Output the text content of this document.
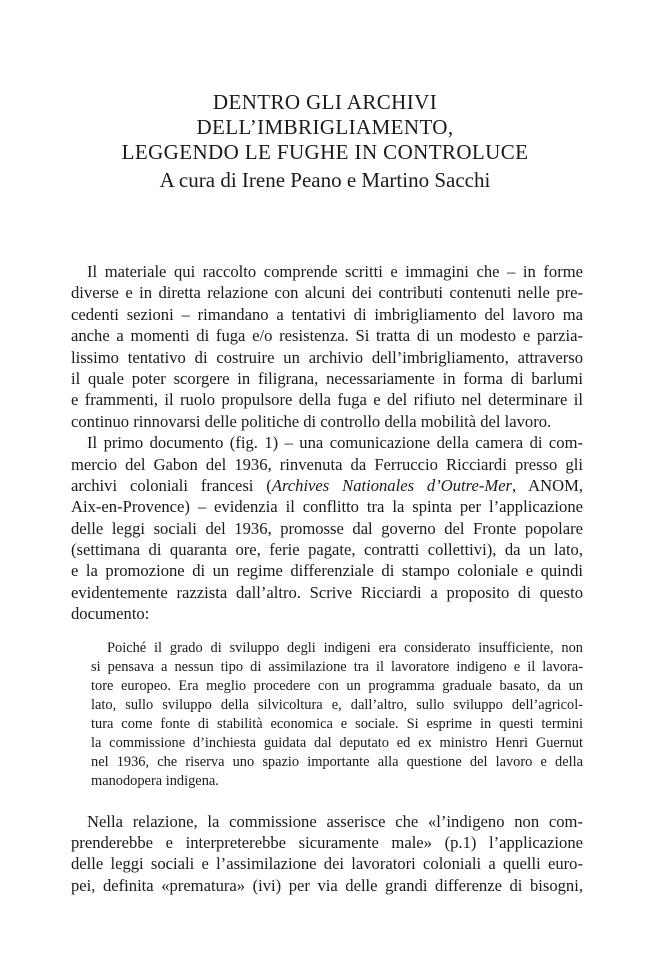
DENTRO GLI ARCHIVI
DELL’IMBRIGLIAMENTO,
LEGGENDO LE FUGHE IN CONTROLUCE
A cura di Irene Peano e Martino Sacchi
Il materiale qui raccolto comprende scritti e immagini che – in forme
diverse e in diretta relazione con alcuni dei contributi contenuti nelle pre-
cedenti sezioni – rimandano a tentativi di imbrigliamento del lavoro ma
anche a momenti di fuga e/o resistenza. Si tratta di un modesto e parzia-
lissimo tentativo di costruire un archivio dell’imbrigliamento, attraverso
il quale poter scorgere in filigrana, necessariamente in forma di barlumi
e frammenti, il ruolo propulsore della fuga e del rifiuto nel determinare il
continuo rinnovarsi delle politiche di controllo della mobilità del lavoro.
Il primo documento (fig. 1) – una comunicazione della camera di com-
mercio del Gabon del 1936, rinvenuta da Ferruccio Ricciardi presso gli
archivi coloniali francesi (Archives Nationales d’Outre-Mer, ANOM,
Aix-en-Provence) – evidenzia il conflitto tra la spinta per l’applicazione
delle leggi sociali del 1936, promosse dal governo del Fronte popolare
(settimana di quaranta ore, ferie pagate, contratti collettivi), da un lato,
e la promozione di un regime differenziale di stampo coloniale e quindi
evidentemente razzista dall’altro. Scrive Ricciardi a proposito di questo
documento:
Poiché il grado di sviluppo degli indigeni era considerato insufficiente, non
si pensava a nessun tipo di assimilazione tra il lavoratore indigeno e il lavora-
tore europeo. Era meglio procedere con un programma graduale basato, da un
lato, sullo sviluppo della silvicoltura e, dall’altro, sullo sviluppo dell’agricol-
tura come fonte di stabilità economica e sociale. Si esprime in questi termini
la commissione d’inchiesta guidata dal deputato ed ex ministro Henri Guernut
nel 1936, che riserva uno spazio importante alla questione del lavoro e della
manodopera indigena.
Nella relazione, la commissione asserisce che «l’indigeno non com-
prenderebbe e interpreterebbe sicuramente male» (p.1) l’applicazione
delle leggi sociali e l’assimilazione dei lavoratori coloniali a quelli euro-
pei, definita «prematura» (ivi) per via delle grandi differenze di bisogni,
